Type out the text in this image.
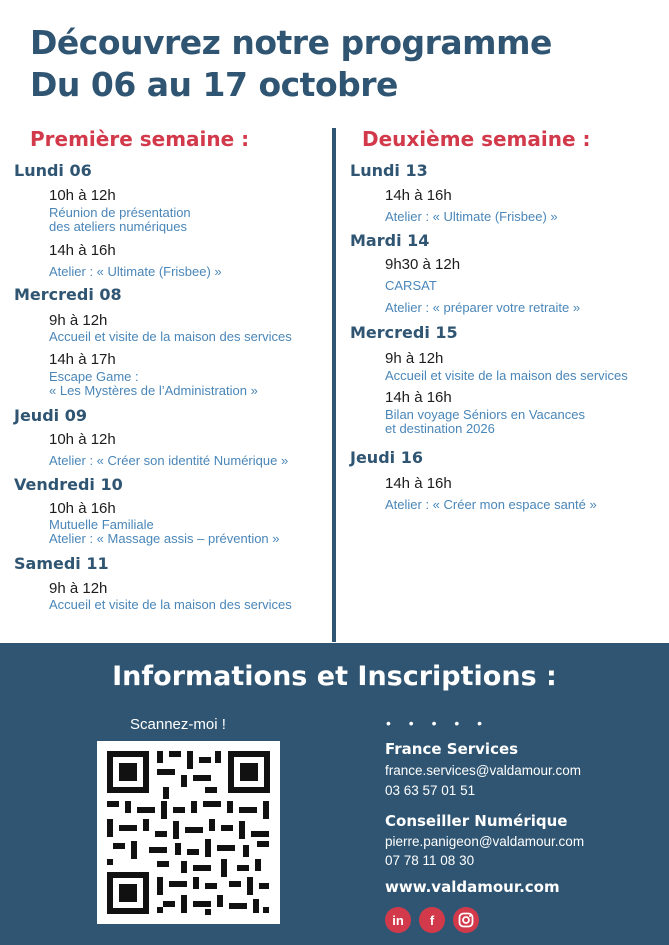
Découvrez notre programme
Du 06 au 17 octobre
Première semaine :
Lundi 06
10h à 12h
Réunion de présentation
des ateliers numériques
14h à 16h
Atelier : « Ultimate (Frisbee) »
Mercredi 08
9h à 12h
Accueil et visite de la maison des services
14h à 17h
Escape Game :
« Les Mystères de l’Administration »
Jeudi 09
10h à 12h
Atelier : « Créer son identité Numérique »
Vendredi 10
10h à 16h
Mutuelle Familiale
Atelier : « Massage assis – prévention »
Samedi 11
9h à 12h
Accueil et visite de la maison des services
Deuxième semaine :
Lundi 13
14h à 16h
Atelier : « Ultimate (Frisbee) »
Mardi 14
9h30 à 12h
CARSAT
Atelier : « préparer votre retraite »
Mercredi 15
9h à 12h
Accueil et visite de la maison des services
14h à 16h
Bilan voyage Séniors en Vacances
et destination 2026
Jeudi 16
14h à 16h
Atelier : « Créer mon espace santé »
Informations et Inscriptions :
Scannez-moi !	• • • • •
France Services
france.services@valdamour.com
03 63 57 01 51
Conseiller Numérique
pierre.panigeon@valdamour.com
07 78 11 08 30
www.valdamour.com
in f
